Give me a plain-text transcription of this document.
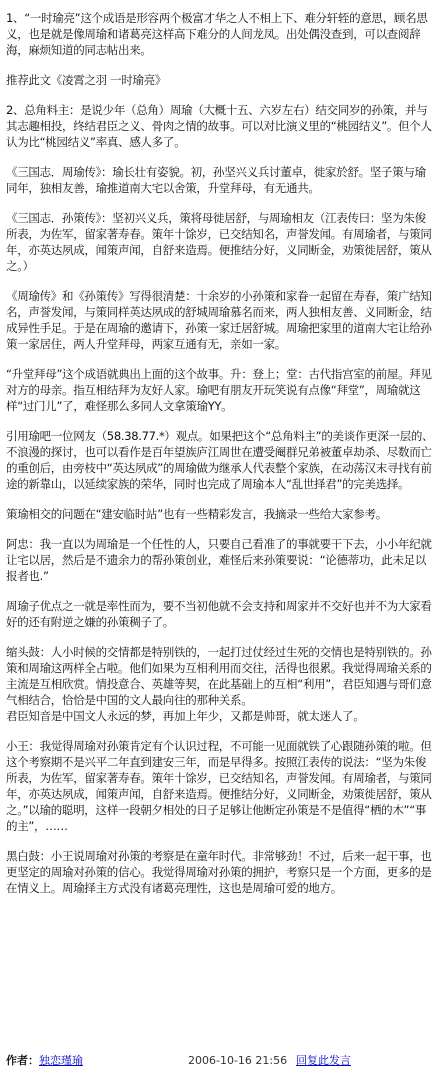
1、“一时瑜亮”这个成语是形容两个极富才华之人不相上下、难分轩轾的意思，顾名思义，也是就是像周瑜和诸葛亮这样高下难分的人间龙凤。出处偶没查到，可以查阅辞海，麻烦知道的同志帖出来。

推荐此文《凌霄之羽 一时瑜亮》

2、总角料主：是说少年（总角）周瑜（大概十五、六岁左右）结交同岁的孙策，并与其志趣相投，终结君臣之义、骨肉之情的故事。可以对比演义里的“桃园结义”。但个人认为比“桃园结义”率真、感人多了。

《三国志．周瑜传》：瑜长壮有姿貌。初，孙坚兴义兵讨董卓，徙家於舒。坚子策与瑜同年，独相友善，瑜推道南大宅以舍策，升堂拜母，有无通共。

《三国志．孙策传》：坚初兴义兵，策将母徙居舒，与周瑜相友（江表传曰：坚为朱俊所表，为佐军，留家著寿春。策年十馀岁，已交结知名，声誉发闻。有周瑜者，与策同年，亦英达夙成，闻策声闻，自舒来造焉。便推结分好，义同断金，劝策徙居舒，策从之。）

《周瑜传》和《孙策传》写得很清楚：十余岁的小孙策和家眷一起留在寿春，策广结知名，声誉发闻，与策同样英达夙成的舒城周瑜慕名而来，两人独相友善、义同断金，结成异性手足。于是在周瑜的邀请下，孙策一家迁居舒城。周瑜把家里的道南大宅让给孙策一家居住，两人升堂拜母，两家互通有无，亲如一家。

“升堂拜母”这个成语就典出上面的这个故事。升：登上；堂：古代指宫室的前屋。拜见对方的母亲。指互相结拜为友好人家。瑜吧有朋友开玩笑说有点像“拜堂”，周瑜就这样“过门儿”了，难怪那么多同人文拿策瑜YY。

引用瑜吧一位网友（58.38.77.*）观点。如果把这个“总角料主”的美谈作更深一层的、不浪漫的探讨，也可以看作是百年望族庐江周世在遭受阉群兄弟被董卓劫杀、尽数而亡的重创后，由旁枝中“英达夙成”的周瑜做为继承人代表整个家族，在动荡汉末寻找有前途的新靠山，以延续家族的荣华，同时也完成了周瑜本人“乱世择君”的完美选择。

策瑜相交的问题在“建安临时站”也有一些精彩发言，我摘录一些给大家参考。

阿忠：我一直以为周瑜是一个任性的人，只要自己看准了的事就要干下去，小小年纪就让宅以居，然后是不遗余力的帮孙策创业，难怪后来孙策要说：“论德蒂功，此未足以报者也.”

周瑜子优点之一就是率性而为，要不当初他就不会支持和周家并不交好也并不为大家看好的还有附逆之嫌的孙策稠子了。

缩头鼓：人小时候的交情都是特别铁的，一起打过仗经过生死的交情也是特别铁的。孙策和周瑜这两样全占啦。他们如果为互相利用而交往，活得也很累。我觉得周瑜关系的主流是互相欣赏。情投意合、英雄等契，在此基础上的互相“利用”，君臣知遇与哥们意气相结合，恰恰是中国的文人最向往的那种关系。

君臣知音是中国文人永远的梦，再加上年少，又都是帅哥，就太迷人了。

小王：我觉得周瑜对孙策肯定有个认识过程，不可能一见面就铁了心跟随孙策的啦。但这个考察期不是兴平二年直到建安三年，而是早得多。按照江表传的说法：“坚为朱俊所表，为佐军，留家著寿春。策年十馀岁，已交结知名，声誉发闻。有周瑜者，与策同年，亦英达夙成，闻策声闻，自舒来造焉。便推结分好，义同断金，劝策徙居舒，策从之。”以瑜的聪明，这样一段朝夕相处的日子足够让他断定孙策是不是值得“栖的木”“事的主”，……

黑白鼓：小王说周瑜对孙策的考察是在童年时代。非常够劲！不过，后来一起干事，也更坚定的周瑜对孙策的信心。我觉得周瑜对孙策的拥护，考察只是一个方面，更多的是在情义上。周瑜择主方式没有诸葛亮理性，这也是周瑜可爱的地方。

作者：独恋瑾瑜	2006-10-16 21:56 回复此发言
